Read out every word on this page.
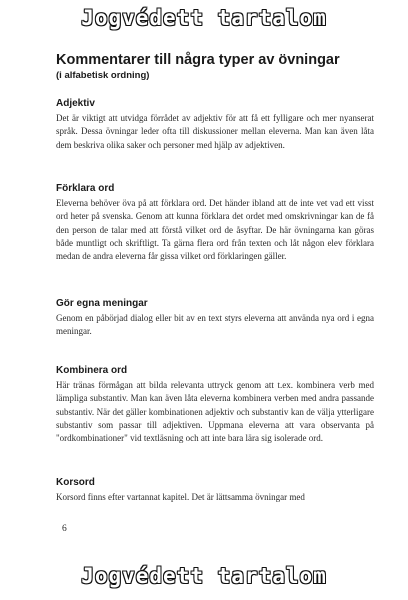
Jogvédett tartalom
Kommentarer till några typer av övningar
(i alfabetisk ordning)
Adjektiv

Det är viktigt att utvidga förrådet av adjektiv för att få ett fylligare och mer nyanserat språk. Dessa övningar leder ofta till diskussioner mellan eleverna. Man kan även låta dem beskriva olika saker och personer med hjälp av adjektiven.

Förklara ord

Eleverna behöver öva på att förklara ord. Det händer ibland att de inte vet vad ett visst ord heter på svenska. Genom att kunna förklara det ordet med omskrivningar kan de få den person de talar med att förstå vilket ord de åsyftar. De här övningarna kan göras både muntligt och skriftligt. Ta gärna flera ord från texten och låt någon elev förklara medan de andra eleverna får gissa vilket ord förklaringen gäller.

Gör egna meningar

Genom en påbörjad dialog eller bit av en text styrs eleverna att använda nya ord i egna meningar.

Kombinera ord

Här tränas förmågan att bilda relevanta uttryck genom att t.ex. kombinera verb med lämpliga substantiv. Man kan även låta eleverna kombinera verben med andra passande substantiv. När det gäller kombinationen adjektiv och substantiv kan de välja ytterligare substantiv som passar till adjektiven. Uppmana eleverna att vara observanta på "ordkombinationer" vid textläsning och att inte bara lära sig isolerade ord.

Korsord

Korsord finns efter vartannat kapitel. Det är lättsamma övningar med

6
Jogvédett tartalom
